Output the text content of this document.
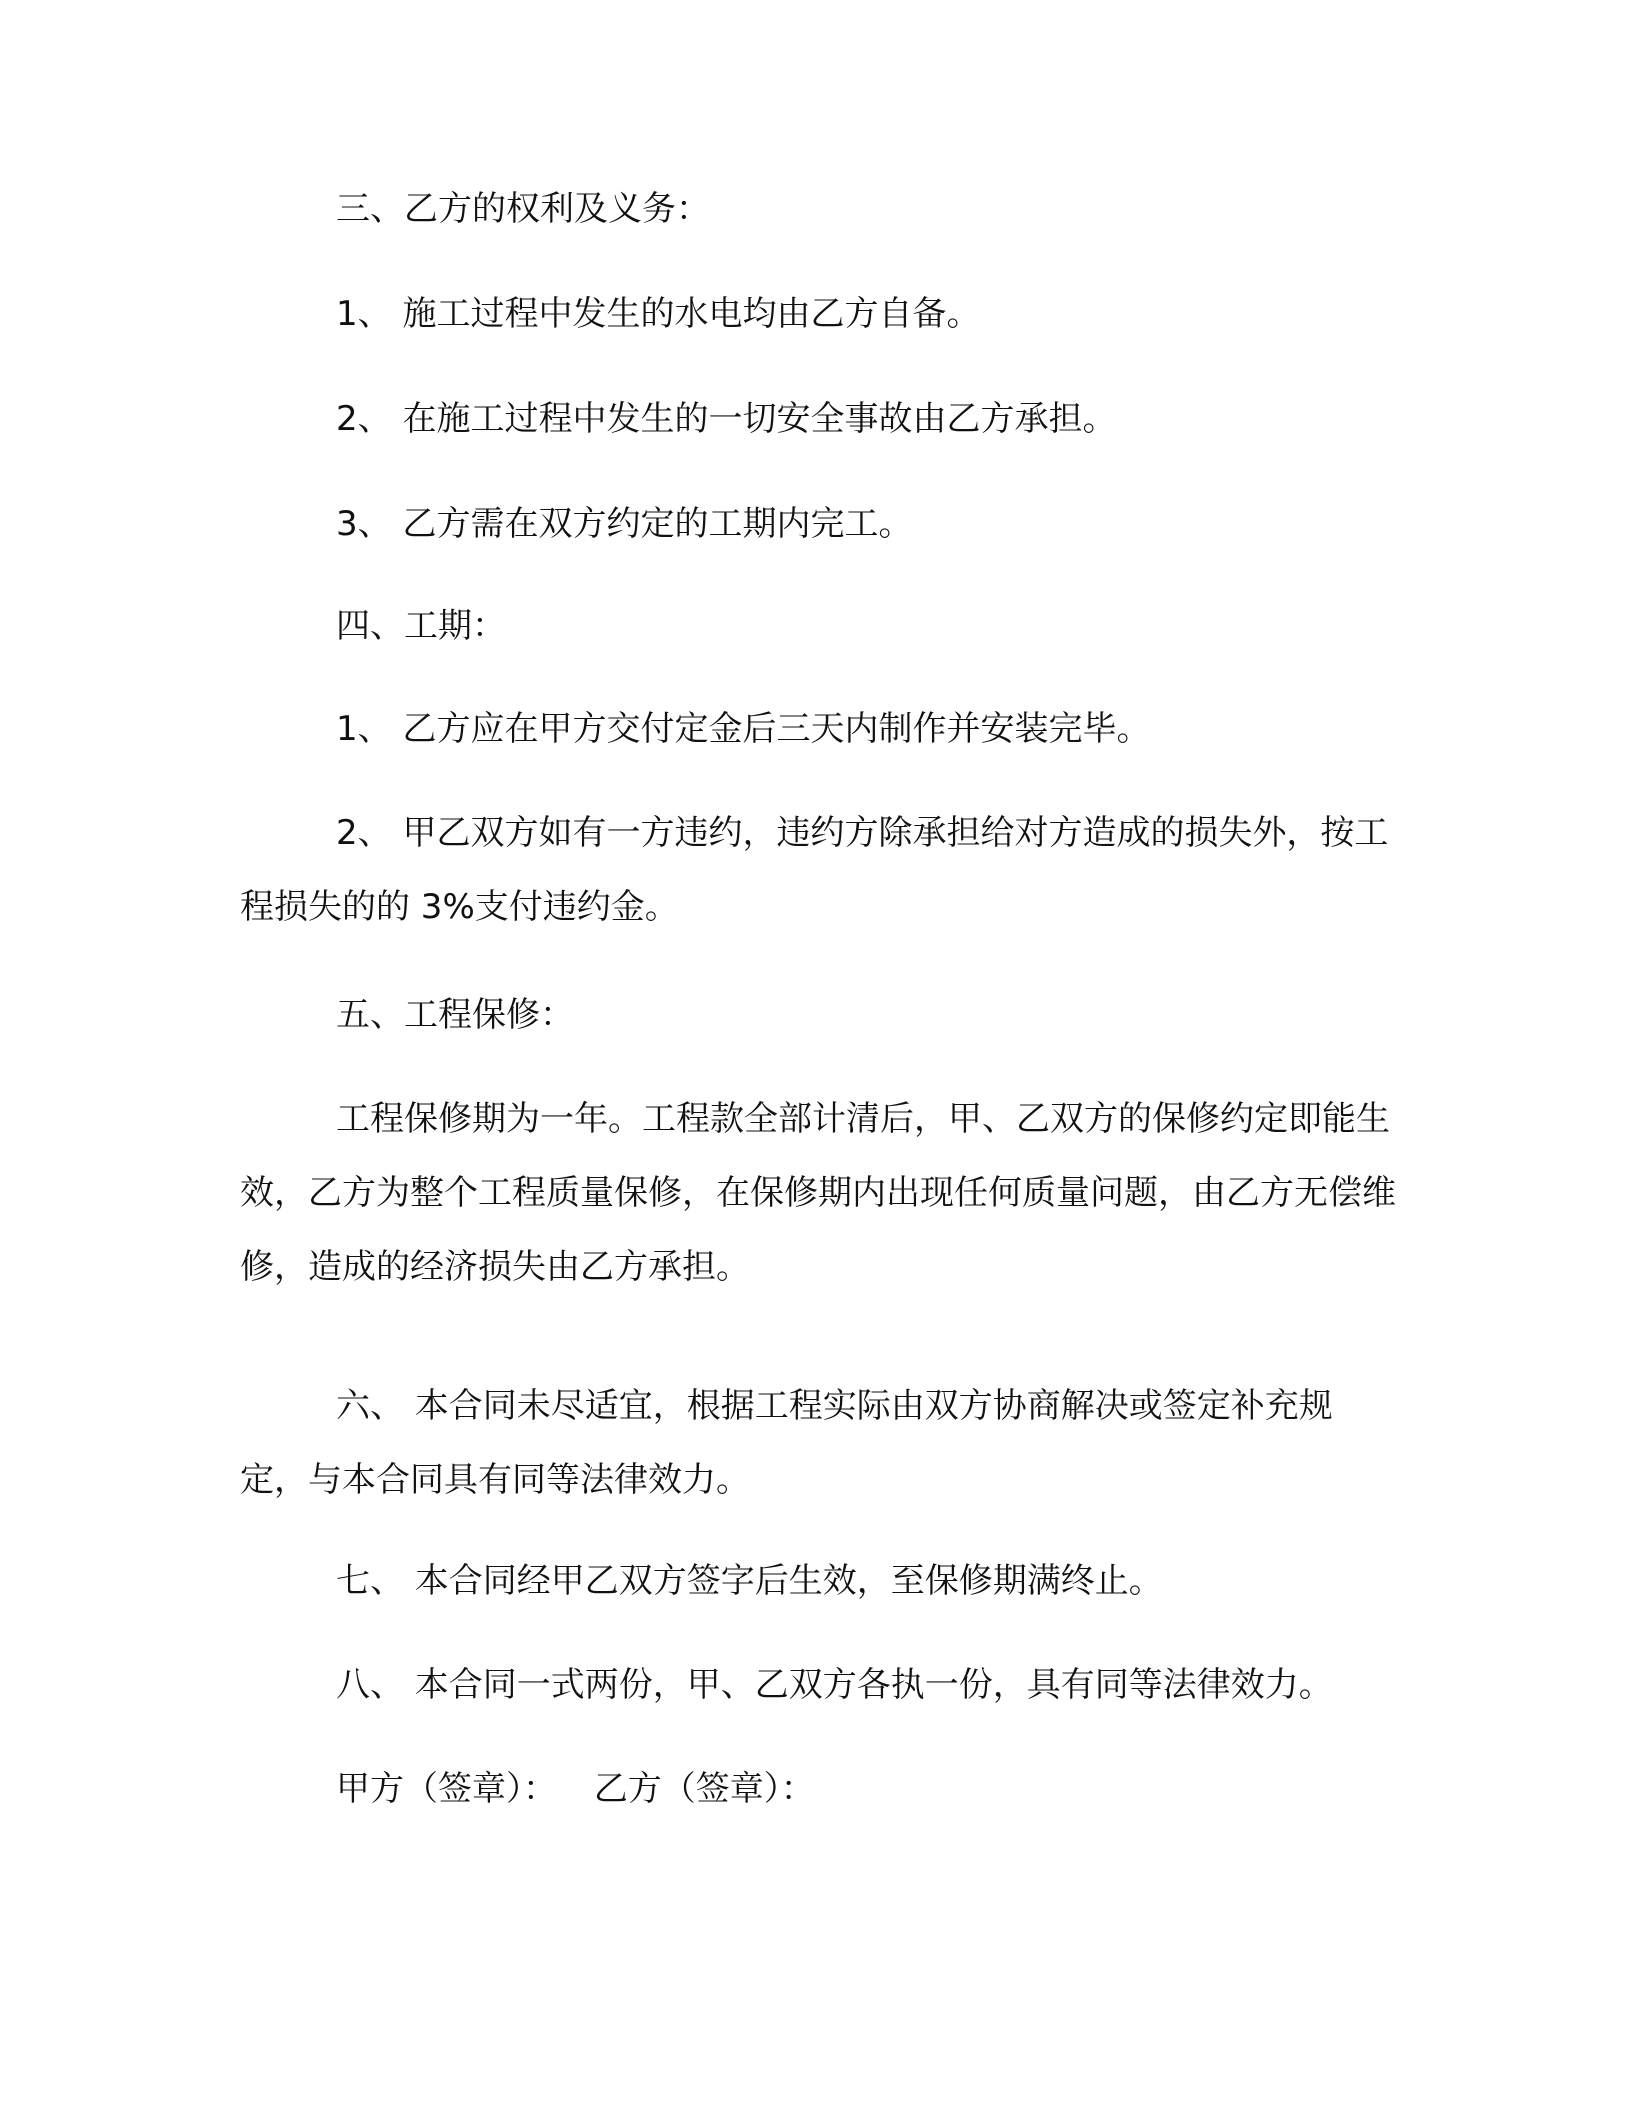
三、乙方的权利及义务：
1、 施工过程中发生的水电均由乙方自备。
2、 在施工过程中发生的一切安全事故由乙方承担。
3、 乙方需在双方约定的工期内完工。
四、工期：
1、 乙方应在甲方交付定金后三天内制作并安装完毕。
2、 甲乙双方如有一方违约，违约方除承担给对方造成的损失外，按工程损失的的 3%支付违约金。
五、工程保修：
工程保修期为一年。工程款全部计清后，甲、乙双方的保修约定即能生效，乙方为整个工程质量保修，在保修期内出现任何质量问题，由乙方无偿维修，造成的经济损失由乙方承担。
六、 本合同未尽适宜，根据工程实际由双方协商解决或签定补充规定，与本合同具有同等法律效力。
七、 本合同经甲乙双方签字后生效，至保修期满终止。
八、 本合同一式两份，甲、乙双方各执一份，具有同等法律效力。
甲方（签章）： 乙方（签章）：
